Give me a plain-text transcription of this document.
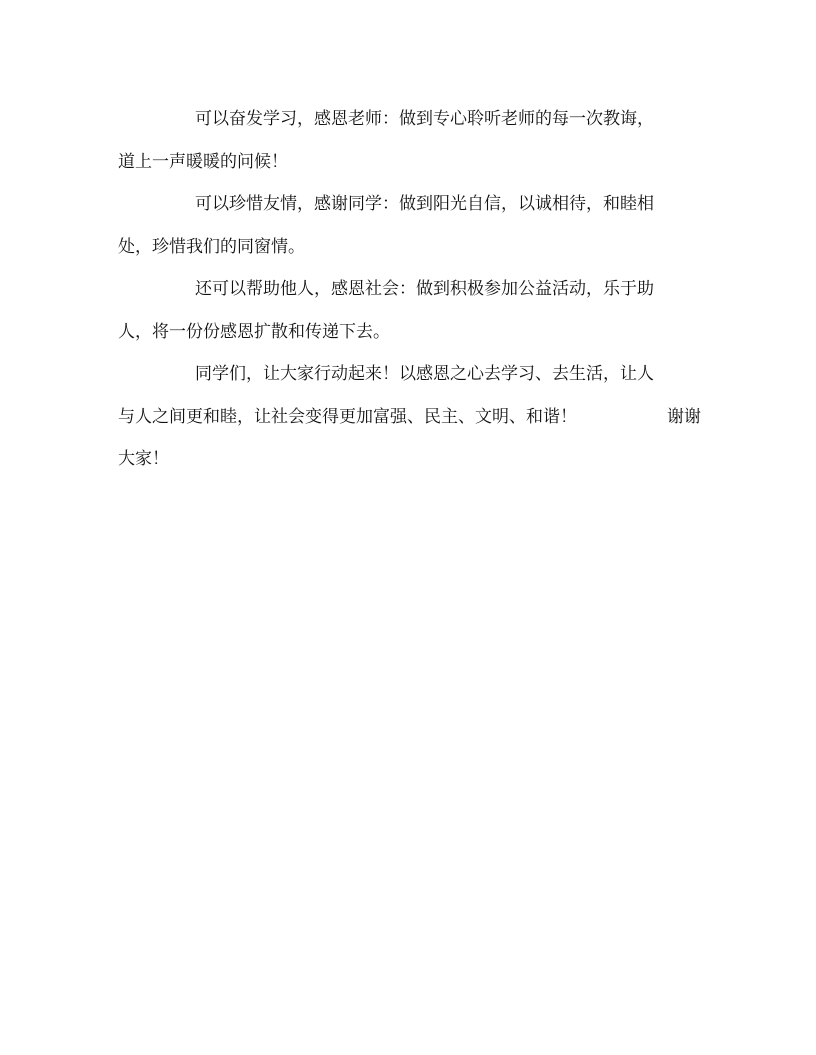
可以奋发学习，感恩老师：做到专心聆听老师的每一次教诲，
道上一声暖暖的问候！
可以珍惜友情，感谢同学：做到阳光自信，以诚相待，和睦相
处，珍惜我们的同窗情。
还可以帮助他人，感恩社会：做到积极参加公益活动，乐于助
人，将一份份感恩扩散和传递下去。
同学们，让大家行动起来！以感恩之心去学习、去生活，让人
与人之间更和睦，让社会变得更加富强、民主、文明、和谐！	谢谢
大家！
